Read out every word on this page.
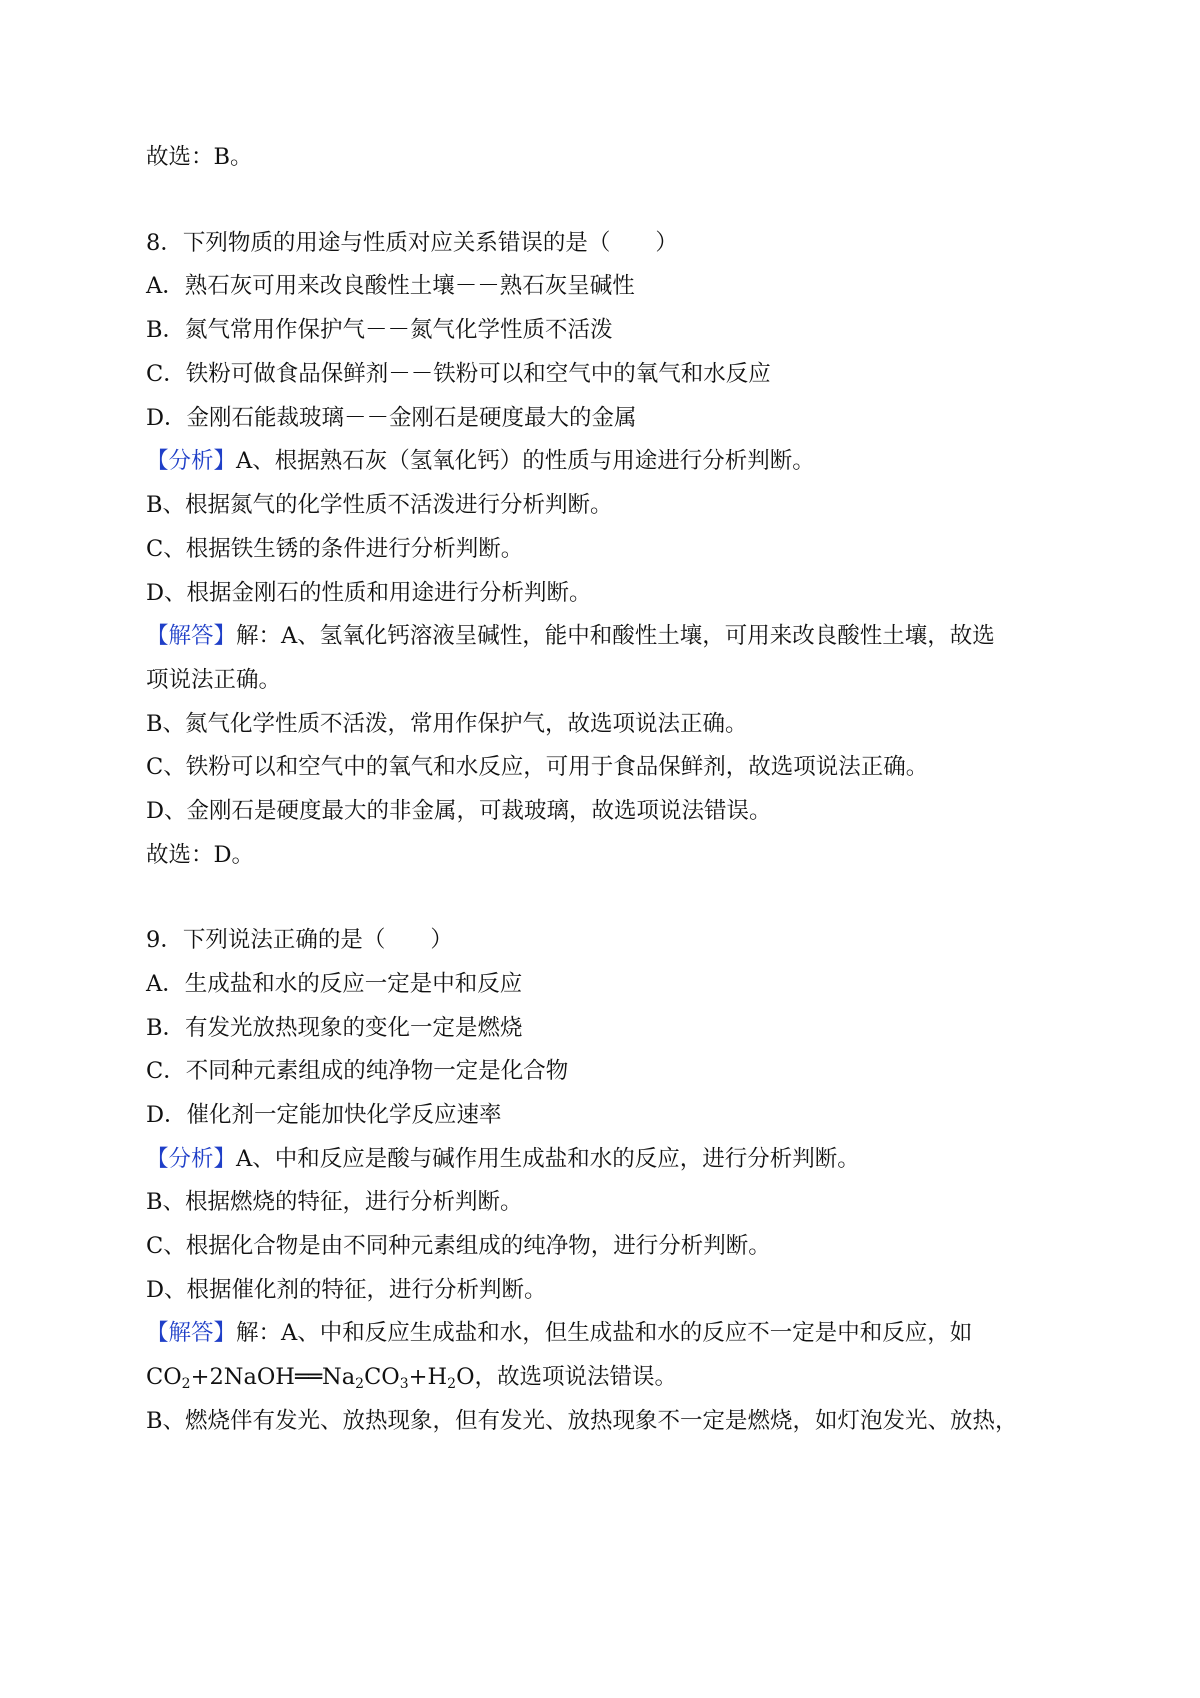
故选：B。
8．下列物质的用途与性质对应关系错误的是（　　）
A．熟石灰可用来改良酸性土壤－－熟石灰呈碱性
B．氮气常用作保护气－－氮气化学性质不活泼
C．铁粉可做食品保鲜剂－－铁粉可以和空气中的氧气和水反应
D．金刚石能裁玻璃－－金刚石是硬度最大的金属
【分析】A、根据熟石灰（氢氧化钙）的性质与用途进行分析判断。
B、根据氮气的化学性质不活泼进行分析判断。
C、根据铁生锈的条件进行分析判断。
D、根据金刚石的性质和用途进行分析判断。
【解答】解：A、氢氧化钙溶液呈碱性，能中和酸性土壤，可用来改良酸性土壤，故选
项说法正确。
B、氮气化学性质不活泼，常用作保护气，故选项说法正确。
C、铁粉可以和空气中的氧气和水反应，可用于食品保鲜剂，故选项说法正确。
D、金刚石是硬度最大的非金属，可裁玻璃，故选项说法错误。
故选：D。
9．下列说法正确的是（　　）
A．生成盐和水的反应一定是中和反应
B．有发光放热现象的变化一定是燃烧
C．不同种元素组成的纯净物一定是化合物
D．催化剂一定能加快化学反应速率
【分析】A、中和反应是酸与碱作用生成盐和水的反应，进行分析判断。
B、根据燃烧的特征，进行分析判断。
C、根据化合物是由不同种元素组成的纯净物，进行分析判断。
D、根据催化剂的特征，进行分析判断。
【解答】解：A、中和反应生成盐和水，但生成盐和水的反应不一定是中和反应，如
$CO_2+2NaOH══Na_2CO_3+H_2O$，故选项说法错误。
B、燃烧伴有发光、放热现象，但有发光、放热现象不一定是燃烧，如灯泡发光、放热，
